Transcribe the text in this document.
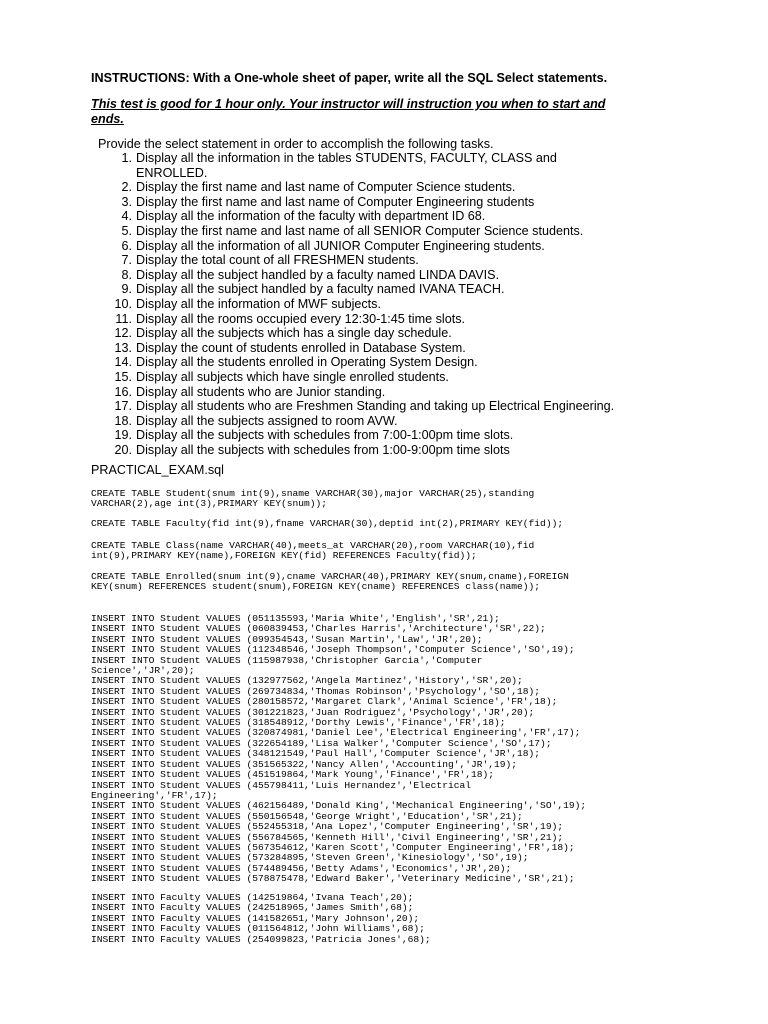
INSTRUCTIONS: With a One-whole sheet of paper, write all the SQL Select statements.

This test is good for 1 hour only. Your instructor will instruction you when to start and
ends.

Provide the select statement in order to accomplish the following tasks.

1. Display all the information in the tables STUDENTS, FACULTY, CLASS and
ENROLLED.
2. Display the first name and last name of Computer Science students.
3. Display the first name and last name of Computer Engineering students
4. Display all the information of the faculty with department ID 68.
5. Display the first name and last name of all SENIOR Computer Science students.
6. Display all the information of all JUNIOR Computer Engineering students.
7. Display the total count of all FRESHMEN students.
8. Display all the subject handled by a faculty named LINDA DAVIS.
9. Display all the subject handled by a faculty named IVANA TEACH.
10. Display all the information of MWF subjects.
11. Display all the rooms occupied every 12:30-1:45 time slots.
12. Display all the subjects which has a single day schedule.
13. Display the count of students enrolled in Database System.
14. Display all the students enrolled in Operating System Design.
15. Display all subjects which have single enrolled students.
16. Display all students who are Junior standing.
17. Display all students who are Freshmen Standing and taking up Electrical Engineering.
18. Display all the subjects assigned to room AVW.
19. Display all the subjects with schedules from 7:00-1:00pm time slots.
20. Display all the subjects with schedules from 1:00-9:00pm time slots

PRACTICAL_EXAM.sql

CREATE TABLE Student(snum int(9),sname VARCHAR(30),major VARCHAR(25),standing
VARCHAR(2),age int(3),PRIMARY KEY(snum));
CREATE TABLE Faculty(fid int(9),fname VARCHAR(30),deptid int(2),PRIMARY KEY(fid));
CREATE TABLE Class(name VARCHAR(40),meets_at VARCHAR(20),room VARCHAR(10),fid
int(9),PRIMARY KEY(name),FOREIGN KEY(fid) REFERENCES Faculty(fid));
CREATE TABLE Enrolled(snum int(9),cname VARCHAR(40),PRIMARY KEY(snum,cname),FOREIGN
KEY(snum) REFERENCES student(snum),FOREIGN KEY(cname) REFERENCES class(name));
INSERT INTO Student VALUES (051135593,'Maria White','English','SR',21);
INSERT INTO Student VALUES (060839453,'Charles Harris','Architecture','SR',22);
INSERT INTO Student VALUES (099354543,'Susan Martin','Law','JR',20);
INSERT INTO Student VALUES (112348546,'Joseph Thompson','Computer Science','SO',19);
INSERT INTO Student VALUES (115987938,'Christopher Garcia','Computer
Science','JR',20);
INSERT INTO Student VALUES (132977562,'Angela Martinez','History','SR',20);
INSERT INTO Student VALUES (269734834,'Thomas Robinson','Psychology','SO',18);
INSERT INTO Student VALUES (280158572,'Margaret Clark','Animal Science','FR',18);
INSERT INTO Student VALUES (301221823,'Juan Rodriguez','Psychology','JR',20);
INSERT INTO Student VALUES (318548912,'Dorthy Lewis','Finance','FR',18);
INSERT INTO Student VALUES (320874981,'Daniel Lee','Electrical Engineering','FR',17);
INSERT INTO Student VALUES (322654189,'Lisa Walker','Computer Science','SO',17);
INSERT INTO Student VALUES (348121549,'Paul Hall','Computer Science','JR',18);
INSERT INTO Student VALUES (351565322,'Nancy Allen','Accounting','JR',19);
INSERT INTO Student VALUES (451519864,'Mark Young','Finance','FR',18);
INSERT INTO Student VALUES (455798411,'Luis Hernandez','Electrical
Engineering','FR',17);
INSERT INTO Student VALUES (462156489,'Donald King','Mechanical Engineering','SO',19);
INSERT INTO Student VALUES (550156548,'George Wright','Education','SR',21);
INSERT INTO Student VALUES (552455318,'Ana Lopez','Computer Engineering','SR',19);
INSERT INTO Student VALUES (556784565,'Kenneth Hill','Civil Engineering','SR',21);
INSERT INTO Student VALUES (567354612,'Karen Scott','Computer Engineering','FR',18);
INSERT INTO Student VALUES (573284895,'Steven Green','Kinesiology','SO',19);
INSERT INTO Student VALUES (574489456,'Betty Adams','Economics','JR',20);
INSERT INTO Student VALUES (578875478,'Edward Baker','Veterinary Medicine','SR',21);
INSERT INTO Faculty VALUES (142519864,'Ivana Teach',20);
INSERT INTO Faculty VALUES (242518965,'James Smith',68);
INSERT INTO Faculty VALUES (141582651,'Mary Johnson',20);
INSERT INTO Faculty VALUES (011564812,'John Williams',68);
INSERT INTO Faculty VALUES (254099823,'Patricia Jones',68);
